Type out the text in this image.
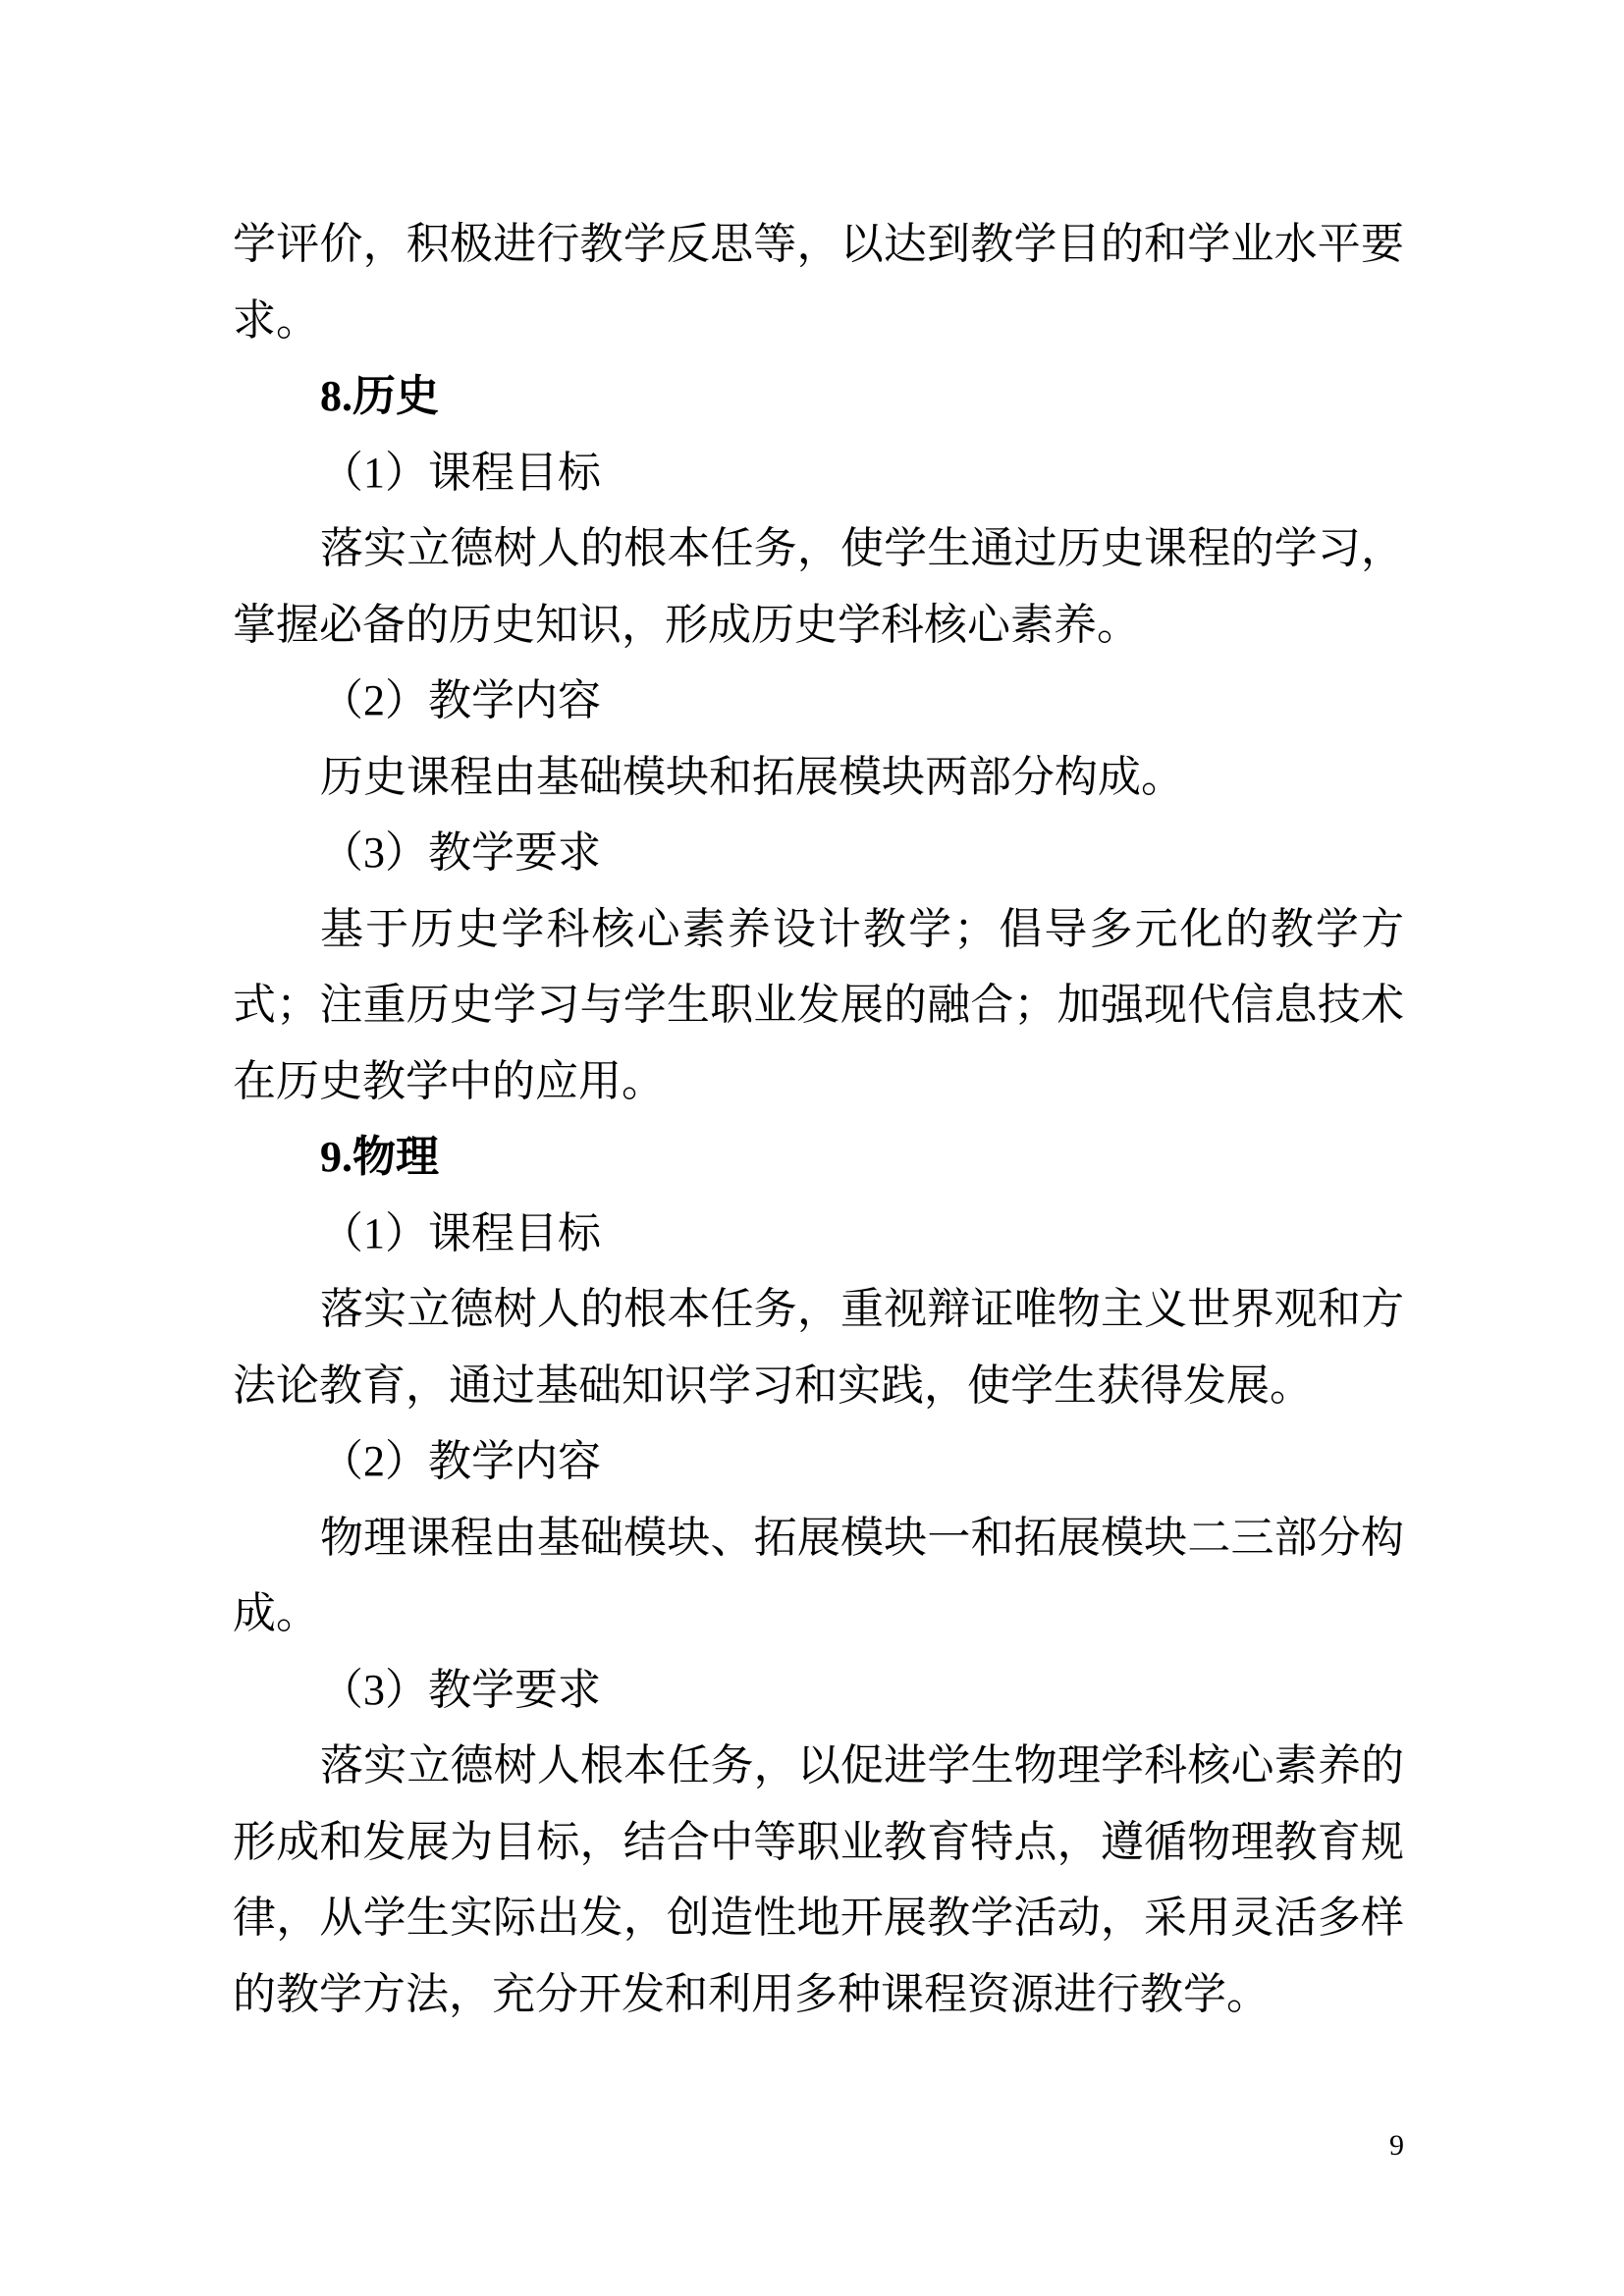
学评价，积极进行教学反思等，以达到教学目的和学业水平要
求。
8.历史
（1）课程目标
落实立德树人的根本任务，使学生通过历史课程的学习，
掌握必备的历史知识，形成历史学科核心素养。
（2）教学内容
历史课程由基础模块和拓展模块两部分构成。
（3）教学要求
基于历史学科核心素养设计教学；倡导多元化的教学方
式；注重历史学习与学生职业发展的融合；加强现代信息技术
在历史教学中的应用。
9.物理
（1）课程目标
落实立德树人的根本任务，重视辩证唯物主义世界观和方
法论教育，通过基础知识学习和实践，使学生获得发展。
（2）教学内容
物理课程由基础模块、拓展模块一和拓展模块二三部分构
成。
（3）教学要求
落实立德树人根本任务，以促进学生物理学科核心素养的
形成和发展为目标，结合中等职业教育特点，遵循物理教育规
律，从学生实际出发，创造性地开展教学活动，采用灵活多样
的教学方法，充分开发和利用多种课程资源进行教学。
9
